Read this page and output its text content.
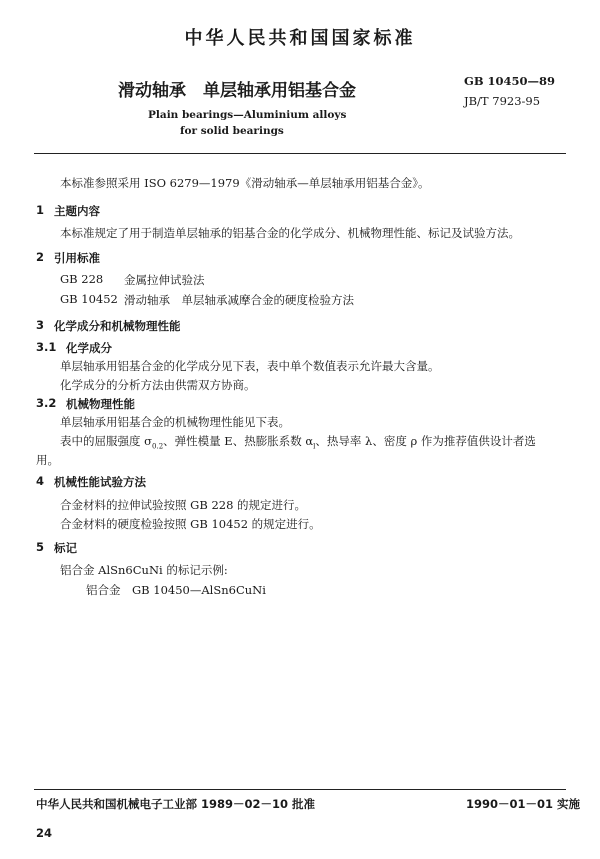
中华人民共和国国家标准
滑动轴承　单层轴承用铝基合金	GB 10450—89
JB/T 7923-95
Plain bearings—Aluminium alloys
for solid bearings
本标准参照采用 ISO 6279—1979《滑动轴承—单层轴承用铝基合金》。
1 主题内容
本标准规定了用于制造单层轴承的铝基合金的化学成分、机械物理性能、标记及试验方法。
2 引用标准
GB 228 金属拉伸试验法
GB 10452 滑动轴承　单层轴承减摩合金的硬度检验方法
3 化学成分和机械物理性能
3.1 化学成分
单层轴承用铝基合金的化学成分见下表，表中单个数值表示允许最大含量。
化学成分的分析方法由供需双方协商。
3.2 机械物理性能
单层轴承用铝基合金的机械物理性能见下表。
表中的屈服强度 $\sigma_{0.2}$、弹性模量 E、热膨胀系数 $\alpha_l$、热导率 λ、密度 ρ 作为推荐值供设计者选
用。
4 机械性能试验方法
合金材料的拉伸试验按照 GB 228 的规定进行。
合金材料的硬度检验按照 GB 10452 的规定进行。
5 标记
铝合金 AlSn6CuNi 的标记示例:
铝合金　GB 10450—AlSn6CuNi
中华人民共和国机械电子工业部 1989－02－10 批准	1990－01－01 实施
24
